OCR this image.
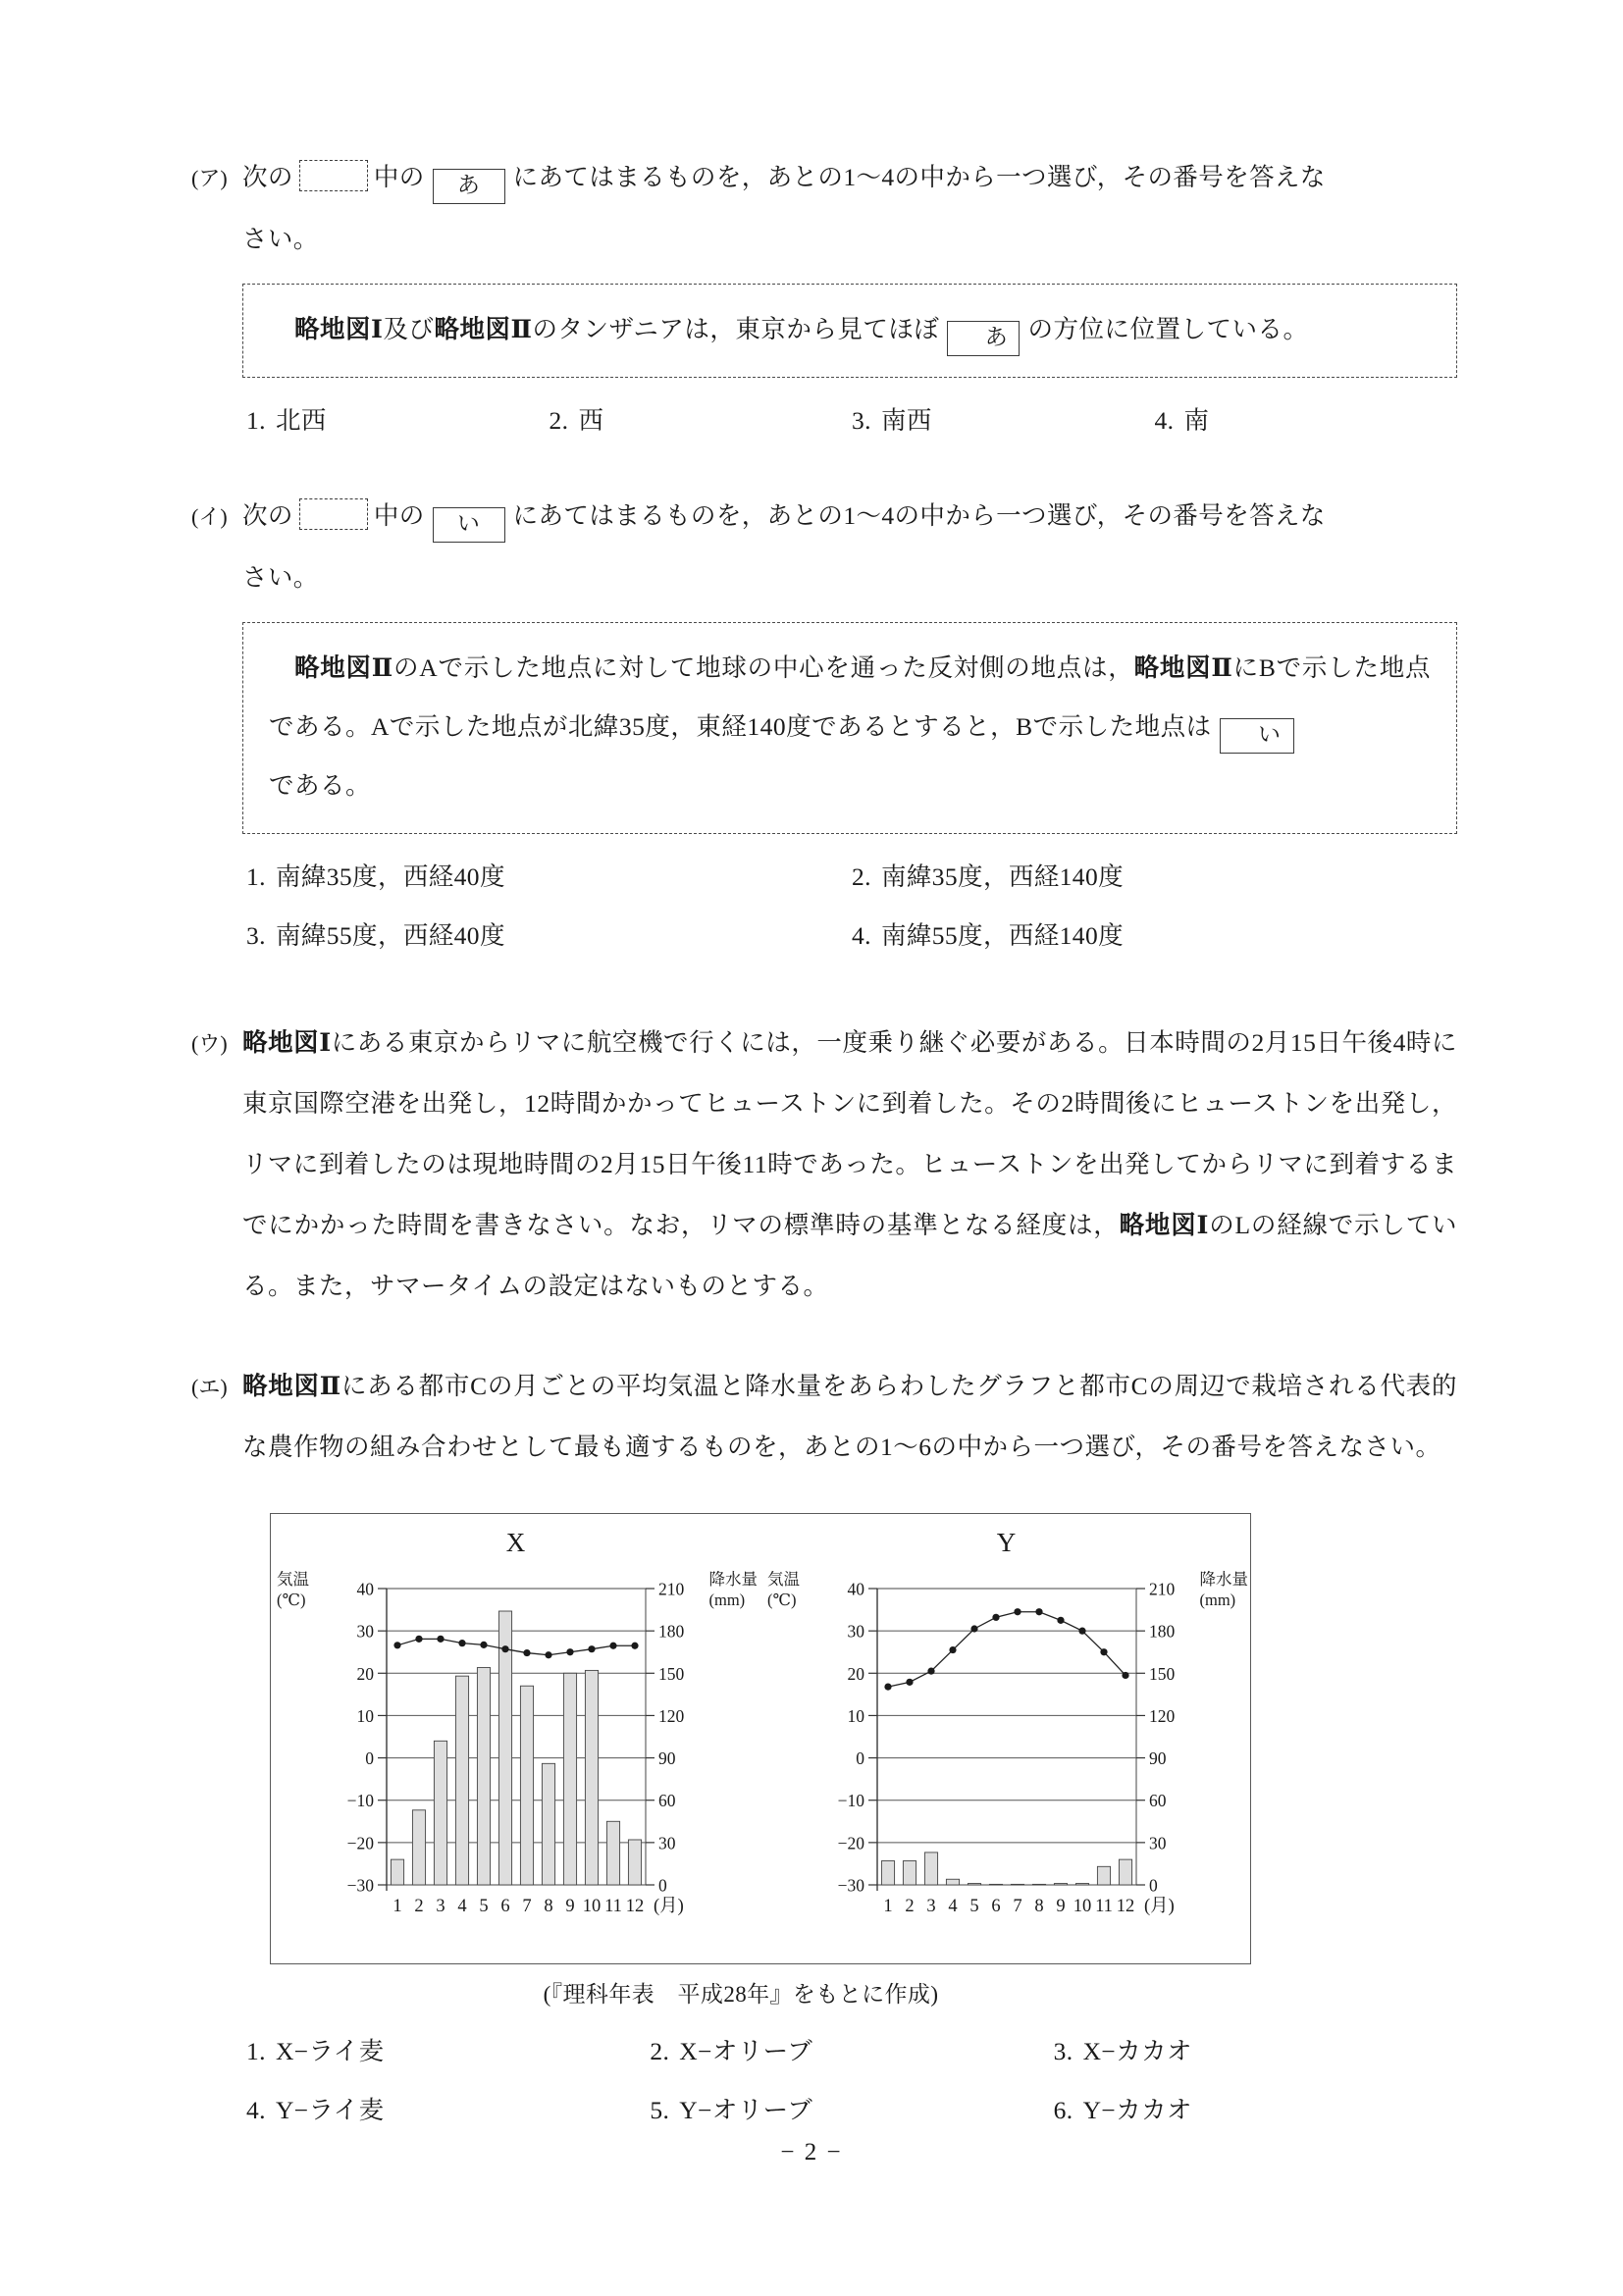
(ア) 次の	中の あ にあてはまるものを，あとの1〜4の中から一つ選び，その番号を答えな
さい。
略地図Ⅰ及び略地図Ⅱのタンザニアは，東京から見てほぼ あ の方位に位置している。
1. 北西	2. 西	3. 南西	4. 南
(イ) 次の	中の い にあてはまるものを，あとの1〜4の中から一つ選び，その番号を答えな
さい。
略地図ⅡのAで示した地点に対して地球の中心を通った反対側の地点は，略地図ⅡにBで示した地点である。Aで示した地点が北緯35度，東経140度であるとすると，Bで示した地点は い
である。
1. 南緯35度，西経40度	2. 南緯35度，西経140度
3. 南緯55度，西経40度	4. 南緯55度，西経140度
(ウ) 略地図Ⅰにある東京からリマに航空機で行くには，一度乗り継ぐ必要がある。日本時間の2月15日午後4時に東京国際空港を出発し，12時間かかってヒューストンに到着した。その2時間後にヒューストンを出発し，リマに到着したのは現地時間の2月15日午後11時であった。ヒューストンを出発してからリマに到着するまでにかかった時間を書きなさい。なお，リマの標準時の基準となる経度は，略地図ⅠのLの経線で示している。また，サマータイムの設定はないものとする。
(エ) 略地図Ⅱにある都市Cの月ごとの平均気温と降水量をあらわしたグラフと都市Cの周辺で栽培される代表的な農作物の組み合わせとして最も適するものを，あとの1〜6の中から一つ選び，その番号を答えなさい。
X
気温
(℃)
降水量
(mm)
−30	0
−20	30
−10	60
0	90
10	120
20	150
30	180
40	210
1 2 3 4 5 6 7 8 9 10 11 12 (月)
Y
気温
(℃)
降水量
(mm)
−30	0
−20	30
−10	60
0	90
10	120
20	150
30	180
40	210
1 2 3 4 5 6 7 8 9 10 11 12 (月)
(『理科年表　平成28年』をもとに作成)
1. X−ライ麦	2. X−オリーブ	3. X−カカオ
4. Y−ライ麦	5. Y−オリーブ	6. Y−カカオ
− 2 −
